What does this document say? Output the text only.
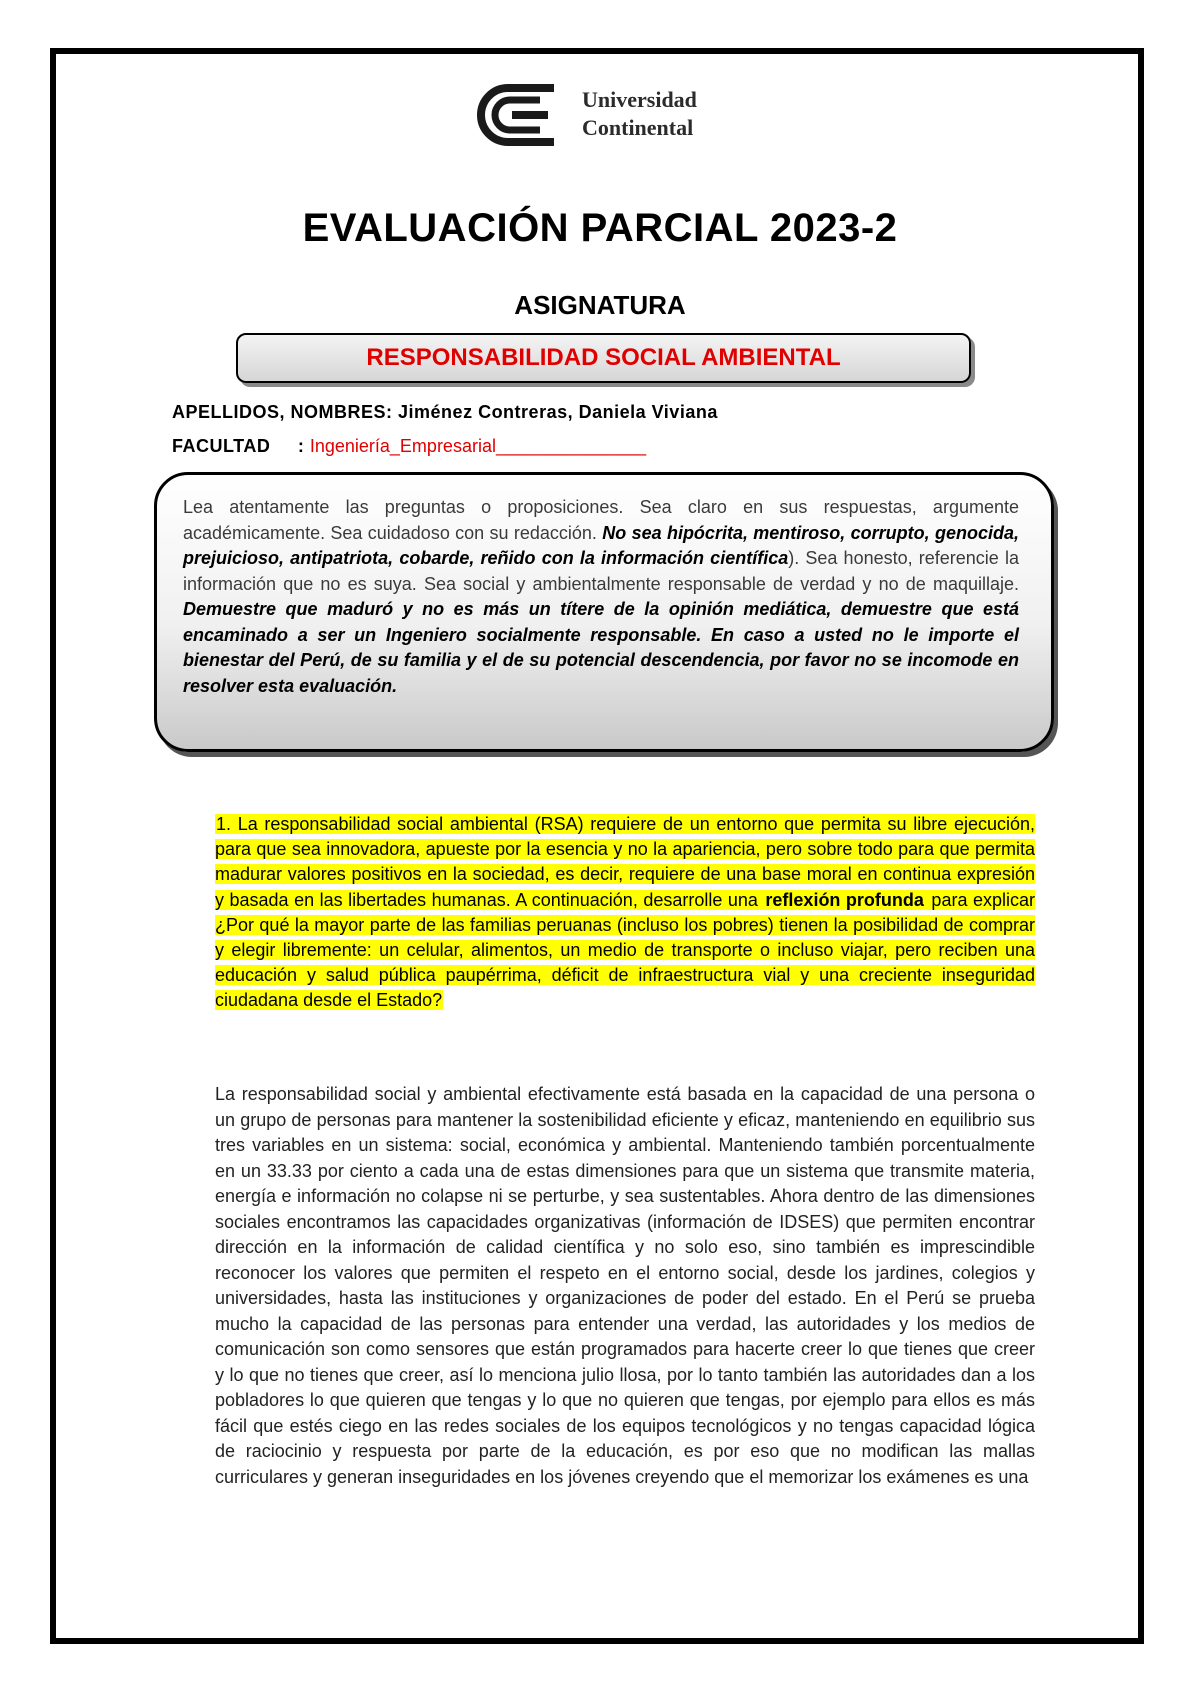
Universidad
Continental
EVALUACIÓN PARCIAL 2023-2
ASIGNATURA
RESPONSABILIDAD SOCIAL AMBIENTAL
APELLIDOS, NOMBRES: Jiménez Contreras, Daniela Viviana
FACULTAD : Ingeniería_Empresarial_______________
Lea atentamente las preguntas o proposiciones. Sea claro en sus respuestas, argumente académicamente. Sea cuidadoso con su redacción. No sea hipócrita, mentiroso, corrupto, genocida, prejuicioso, antipatriota, cobarde, reñido con la información científica). Sea honesto, referencie la información que no es suya. Sea social y ambientalmente responsable de verdad y no de maquillaje. Demuestre que maduró y no es más un títere de la opinión mediática, demuestre que está encaminado a ser un Ingeniero socialmente responsable. En caso a usted no le importe el bienestar del Perú, de su familia y el de su potencial descendencia, por favor no se incomode en resolver esta evaluación.
1. La responsabilidad social ambiental (RSA) requiere de un entorno que permita su libre ejecución, para que sea innovadora, apueste por la esencia y no la apariencia, pero sobre todo para que permita madurar valores positivos en la sociedad, es decir, requiere de una base moral en continua expresión y basada en las libertades humanas. A continuación, desarrolle una reflexión profunda para explicar ¿Por qué la mayor parte de las familias peruanas (incluso los pobres) tienen la posibilidad de comprar y elegir libremente: un celular, alimentos, un medio de transporte o incluso viajar, pero reciben una educación y salud pública paupérrima, déficit de infraestructura vial y una creciente inseguridad ciudadana desde el Estado?
La responsabilidad social y ambiental efectivamente está basada en la capacidad de una persona o un grupo de personas para mantener la sostenibilidad eficiente y eficaz, manteniendo en equilibrio sus tres variables en un sistema: social, económica y ambiental. Manteniendo también porcentualmente en un 33.33 por ciento a cada una de estas dimensiones para que un sistema que transmite materia, energía e información no colapse ni se perturbe, y sea sustentables. Ahora dentro de las dimensiones sociales encontramos las capacidades organizativas (información de IDSES) que permiten encontrar dirección en la información de calidad científica y no solo eso, sino también es imprescindible reconocer los valores que permiten el respeto en el entorno social, desde los jardines, colegios y universidades, hasta las instituciones y organizaciones de poder del estado. En el Perú se prueba mucho la capacidad de las personas para entender una verdad, las autoridades y los medios de comunicación son como sensores que están programados para hacerte creer lo que tienes que creer y lo que no tienes que creer, así lo menciona julio llosa, por lo tanto también las autoridades dan a los pobladores lo que quieren que tengas y lo que no quieren que tengas, por ejemplo para ellos es más fácil que estés ciego en las redes sociales de los equipos tecnológicos y no tengas capacidad lógica de raciocinio y respuesta por parte de la educación, es por eso que no modifican las mallas curriculares y generan inseguridades en los jóvenes creyendo que el memorizar los exámenes es una
